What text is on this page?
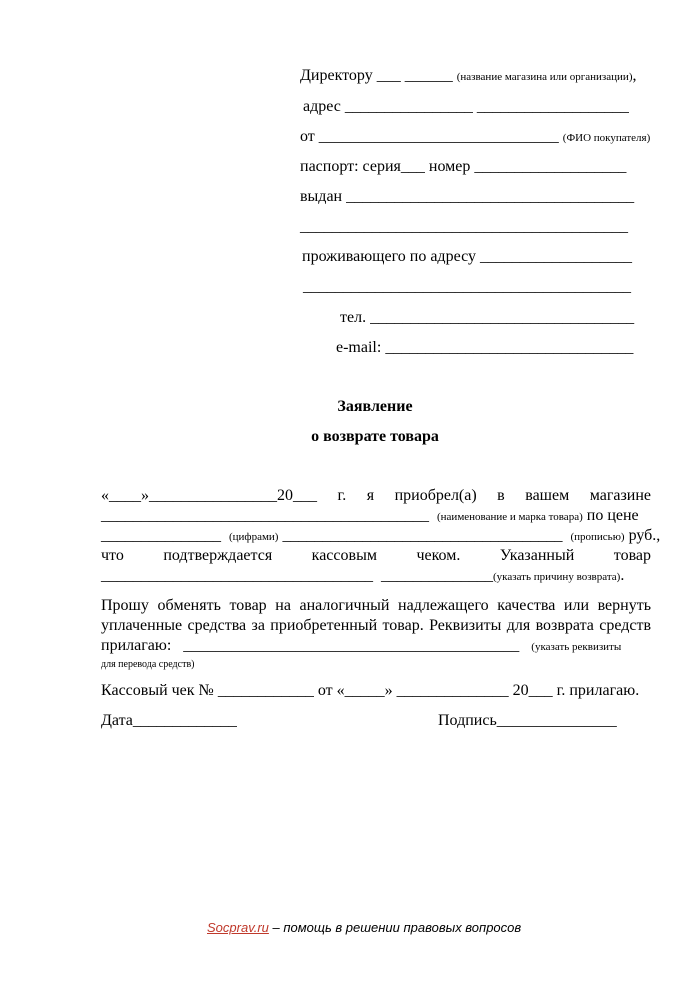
Директору ___ ______ (название магазина или организации),
адрес ________________ ___________________
от ______________________________ (ФИО покупателя)
паспорт: серия___ номер ___________________
выдан ____________________________________
_________________________________________
проживающего по адресу ___________________
_________________________________________
тел. _________________________________
e-mail: _______________________________
Заявление
о возврате товара
«____»________________20___ г. я приобрел(а) в вашем магазине
_________________________________________ (наименование и марка товара) по цене
_______________ (цифрами) ___________________________________ (прописью) руб.,
что подтверждается кассовым чеком. Указанный товар
__________________________________ ______________(указать причину возврата).
Прошу обменять товар на аналогичный надлежащего качества или вернуть
уплаченные средства за приобретенный товар. Реквизиты для возврата средств
прилагаю: __________________________________________ (указать реквизиты
для перевода средств)
Кассовый чек № ____________ от «_____» ______________ 20___ г. прилагаю.
Дата_____________	Подпись_______________
Socprav.ru – помощь в решении правовых вопросов
